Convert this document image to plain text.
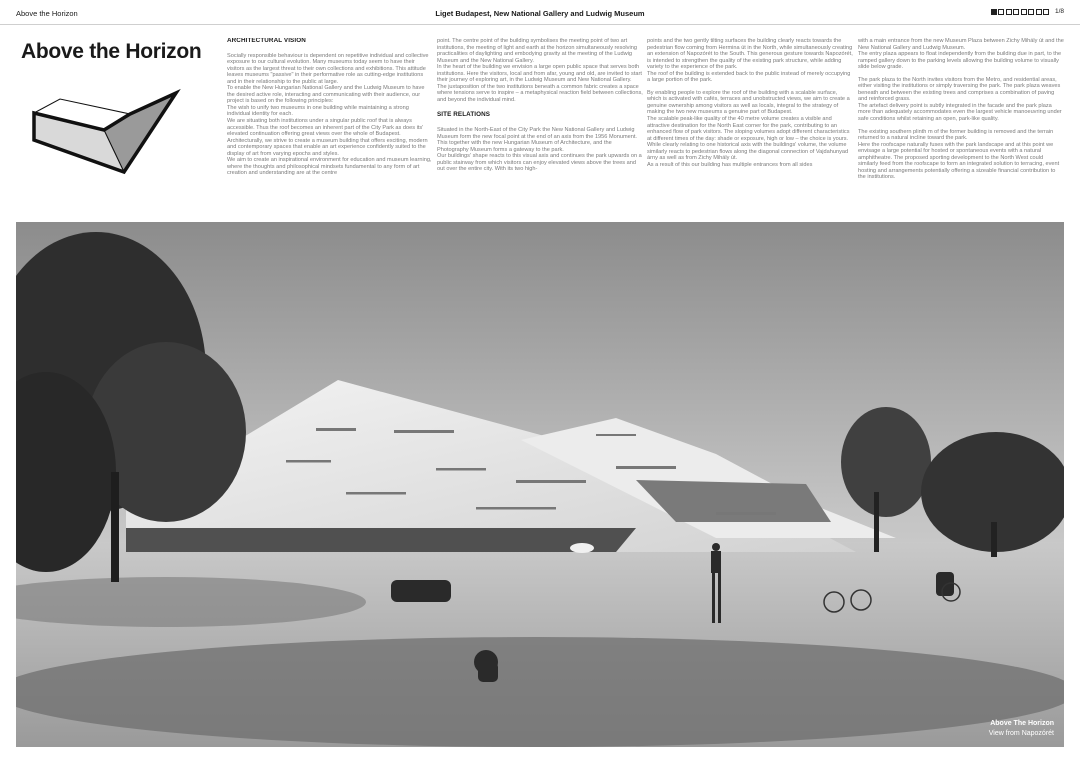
Above the Horizon	Liget Budapest, New National Gallery and Ludwig Museum	1/8
Above the Horizon	ARCHITECTURAL VISION

Socially responsible behaviour is dependent on repetitive individual and collective exposure to our cultural evolution. Many museums today seem to have their visitors as the largest threat to their own collections and exhibitions. This attitude leaves museums "passive" in their performative role as cutting-edge institutions and in their relationship to the public at large.

To enable the New Hungarian National Gallery and the Ludwig Museum to have the desired active role, interacting and communicating with their audience, our project is based on the following principles:

The wish to unify two museums in one building while maintaining a strong individual identity for each.

We are situating both institutions under a singular public roof that is always accessible. Thus the roof becomes an inherent part of the City Park as does its' elevated continuation offering great views over the whole of Budapest.

Architecturally, we strive to create a museum building that offers exciting, modern and contemporary spaces that enable an art experience confidently suited to the display of art from varying epochs and styles.

We aim to create an inspirational environment for education and museum learning, where the thoughts and philosophical mindsets fundamental to any form of art creation and understanding are at the centre

point. The centre point of the building symbolises the meeting point of two art institutions, the meeting of light and earth at the horizon simultaneously resolving practicalities of daylighting and embodying gravity at the meeting of the Ludwig Museum and the New National Gallery.

In the heart of the building we envision a large open public space that serves both institutions. Here the visitors, local and from afar, young and old, are invited to start their journey of exploring art, in the Ludwig Museum and New National Gallery.

The juxtaposition of the two institutions beneath a common fabric creates a space where tensions serve to inspire – a metaphysical reaction field between collections, and beyond the individual mind.

SITE RELATIONS

Situated in the North-East of the City Park the New National Gallery and Ludwig Museum form the new focal point at the end of an axis from the 1956 Monument. This together with the new Hungarian Museum of Architecture, and the Photography Museum forms a gateway to the park.

Our buildings' shape reacts to this visual axis and continues the park upwards on a public stairway from which visitors can enjoy elevated views above the trees and out over the entire city. With its two high-

points and the two gently tilting surfaces the building clearly reacts towards the pedestrian flow coming from Hermina út in the North, while simultaneously creating an extension of Napozórét to the South. This generous gesture towards Napozórét, is intended to strengthen the quality of the existing park structure, while adding variety to the experience of the park.

The roof of the building is extended back to the public instead of merely occupying a large portion of the park.

By enabling people to explore the roof of the building with a scalable surface, which is activated with cafés, terraces and unobstructed views, we aim to create a genuine ownership among visitors as well as locals, integral to the strategy of making the two new museums a genuine part of Budapest.

The scalable peak-like quality of the 40 metre volume creates a visible and attractive destination for the North East corner for the park, contributing to an enhanced flow of park visitors. The sloping volumes adopt different characteristics at different times of the day: shade or exposure, high or low – the choice is yours.

While clearly relating to one historical axis with the buildings' volume, the volume similarly reacts to pedestrian flows along the diagonal connection of Vajdahunyad árny as well as from Zichy Mihály út.

As a result of this our building has multiple entrances from all sides

with a main entrance from the new Museum Plaza between Zichy Mihály út and the New National Gallery and Ludwig Museum.

The entry plaza appears to float independently from the building due in part, to the ramped gallery down to the parking levels allowing the building volume to visually slide below grade.

The park plaza to the North invites visitors from the Metro, and residential areas, either visiting the institutions or simply traversing the park. The park plaza weaves beneath and between the existing trees and comprises a combination of paving and reinforced grass.

The artefact delivery point is subtly integrated in the facade and the park plaza more than adequately accommodates even the largest vehicle manoeuvring under safe conditions whilst retaining an open, park-like quality.

The existing southern plinth m of the former building is removed and the terrain returned to a natural incline toward the park.

Here the roofscape naturally fuses with the park landscape and at this point we envisage a large potential for hosted or spontaneous events with a natural amphitheatre. The proposed sporting development to the North West could similarly feed from the roofscape to form an integrated solution to terracing, event hosting and arrangements potentially offering a sizeable financial contribution to the institutions.

Above The Horizon
View from Napozórét
